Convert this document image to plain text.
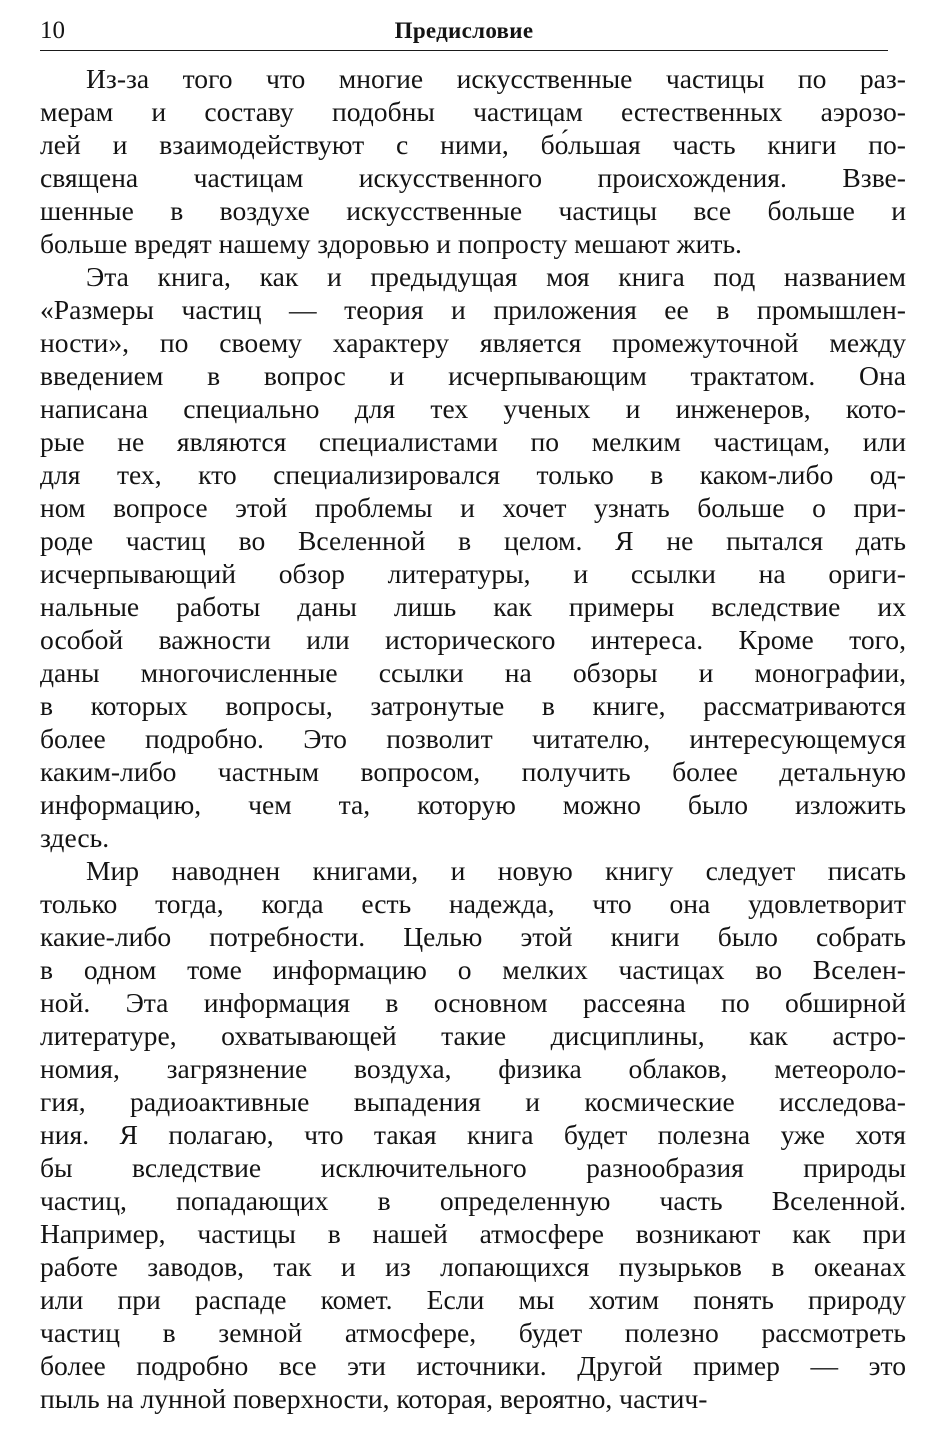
10	Предисловие
Из-за того что многие искусственные частицы по раз-
мерам и составу подобны частицам естественных аэрозо-
лей и взаимодействуют с ними, бо́льшая часть книги по-
священа частицам искусственного происхождения. Взве-
шенные в воздухе искусственные частицы все больше и
больше вредят нашему здоровью и попросту мешают жить.
Эта книга, как и предыдущая моя книга под названием
«Размеры частиц — теория и приложения ее в промышлен-
ности», по своему характеру является промежуточной между
введением в вопрос и исчерпывающим трактатом. Она
написана специально для тех ученых и инженеров, кото-
рые не являются специалистами по мелким частицам, или
для тех, кто специализировался только в каком-либо од-
ном вопросе этой проблемы и хочет узнать больше о при-
роде частиц во Вселенной в целом. Я не пытался дать
исчерпывающий обзор литературы, и ссылки на ориги-
нальные работы даны лишь как примеры вследствие их
особой важности или исторического интереса. Кроме того,
даны многочисленные ссылки на обзоры и монографии,
в которых вопросы, затронутые в книге, рассматриваются
более подробно. Это позволит читателю, интересующемуся
каким-либо частным вопросом, получить более детальную
информацию, чем та, которую можно было изложить
здесь.
Мир наводнен книгами, и новую книгу следует писать
только тогда, когда есть надежда, что она удовлетворит
какие-либо потребности. Целью этой книги было собрать
в одном томе информацию о мелких частицах во Вселен-
ной. Эта информация в основном рассеяна по обширной
литературе, охватывающей такие дисциплины, как астро-
номия, загрязнение воздуха, физика облаков, метеороло-
гия, радиоактивные выпадения и космические исследова-
ния. Я полагаю, что такая книга будет полезна уже хотя
бы вследствие исключительного разнообразия природы
частиц, попадающих в определенную часть Вселенной.
Например, частицы в нашей атмосфере возникают как при
работе заводов, так и из лопающихся пузырьков в океанах
или при распаде комет. Если мы хотим понять природу
частиц в земной атмосфере, будет полезно рассмотреть
более подробно все эти источники. Другой пример — это
пыль на лунной поверхности, которая, вероятно, частич-
